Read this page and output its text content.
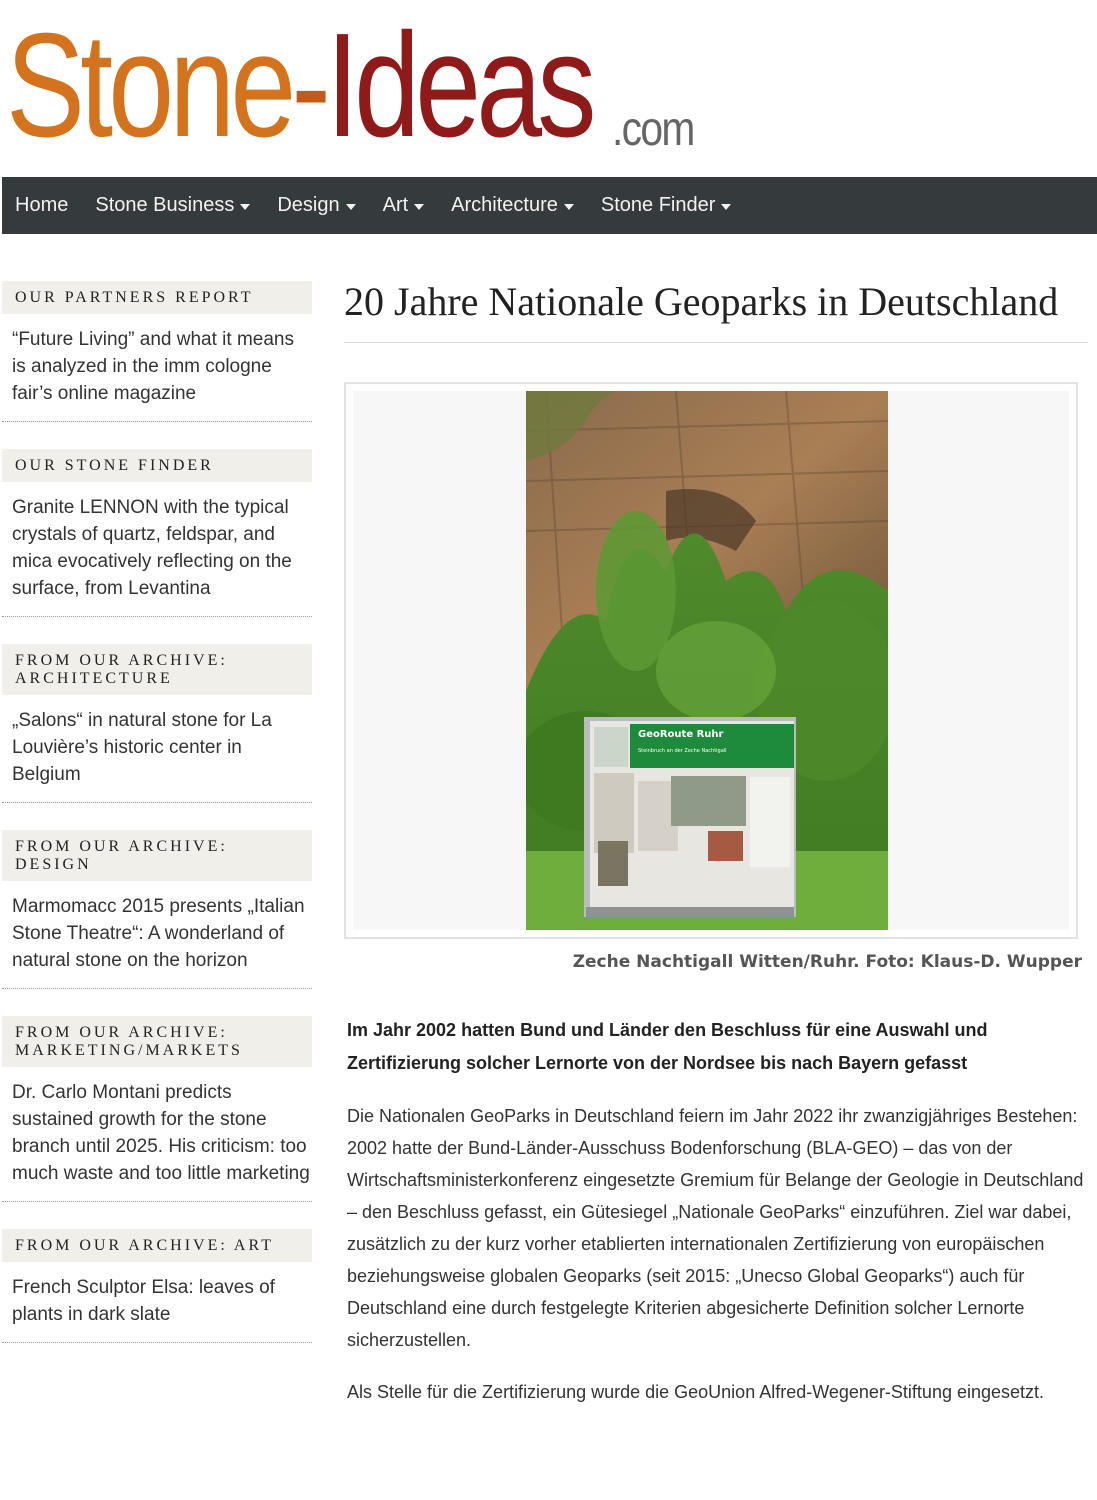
Stone-Ideas .com
Home Stone Business Design Art Architecture Stone Finder
OUR PARTNERS REPORT
“Future Living” and what it means is analyzed in the imm cologne fair’s online magazine
OUR STONE FINDER
Granite LENNON with the typical crystals of quartz, feldspar, and mica evocatively reflecting on the surface, from Levantina
FROM OUR ARCHIVE: ARCHITECTURE
„Salons“ in natural stone for La Louvière’s historic center in Belgium
FROM OUR ARCHIVE: DESIGN
Marmomacc 2015 presents „Italian Stone Theatre“: A wonderland of natural stone on the horizon
FROM OUR ARCHIVE: MARKETING/MARKETS
Dr. Carlo Montani predicts sustained growth for the stone branch until 2025. His criticism: too much waste and too little marketing
FROM OUR ARCHIVE: ART
French Sculptor Elsa: leaves of plants in dark slate
20 Jahre Nationale Geoparks in Deutschland
GeoRoute Ruhr
Steinbruch an der Zeche Nachtigall
Zeche Nachtigall Witten/Ruhr. Foto: Klaus-D. Wupper

Im Jahr 2002 hatten Bund und Länder den Beschluss für eine Auswahl und Zertifizierung solcher Lernorte von der Nordsee bis nach Bayern gefasst

Die Nationalen GeoParks in Deutschland feiern im Jahr 2022 ihr zwanzigjähriges Bestehen: 2002 hatte der Bund-Länder-Ausschuss Bodenforschung (BLA-GEO) – das von der Wirtschaftsministerkonferenz eingesetzte Gremium für Belange der Geologie in Deutschland – den Beschluss gefasst, ein Gütesiegel „Nationale GeoParks“ einzuführen. Ziel war dabei, zusätzlich zu der kurz vorher etablierten internationalen Zertifizierung von europäischen beziehungsweise globalen Geoparks (seit 2015: „Unecso Global Geoparks“) auch für Deutschland eine durch festgelegte Kriterien abgesicherte Definition solcher Lernorte sicherzustellen.

Als Stelle für die Zertifizierung wurde die GeoUnion Alfred-Wegener-Stiftung eingesetzt.
